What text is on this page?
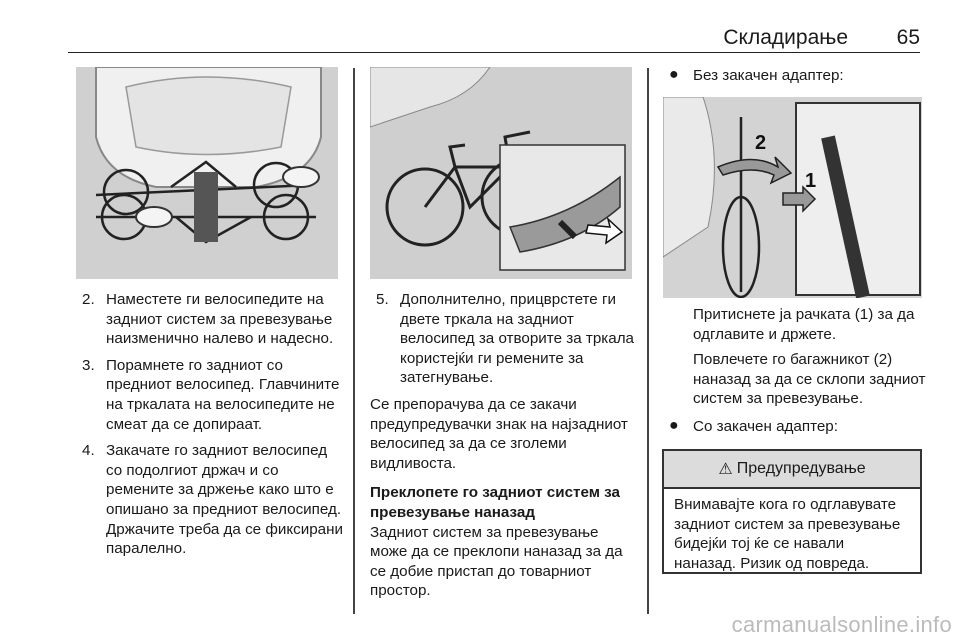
Складирање 65
2
1
2. Наместете ги велосипедите на задниот систем за превезување наизменично налево и надесно.
3. Порамнете го задниот со предниот велосипед. Главчините на тркалата на велосипедите не смеат да се допираат.
4. Закачате го задниот велосипед со подолгиот држач и со ремените за држење како што е опишано за предниот велосипед. Држачите треба да се фиксирани паралелно.
5. Дополнително, прицврстете ги двете тркала на задниот велосипед за отворите за тркала користејќи ги ремените за затегнување.

Се препорачува да се закачи предупредувачки знак на најзадниот велосипед за да се зголеми видливоста.

Преклопете го задниот систем за превезување наназад

Задниот систем за превезување може да се преклопи наназад за да се добие пристап до товарниот простор.

● Без закачен адаптер:

Притиснете ја рачката (1) за да одглавите и држете.

Повлечете го багажникот (2) наназад за да се склопи задниот систем за превезување.

● Со закачен адаптер:
⚠ Предупредување
Внимавајте кога го одглавувате задниот систем за превезување бидејќи тој ќе се навали наназад. Ризик од повреда.
carmanualsonline.info
